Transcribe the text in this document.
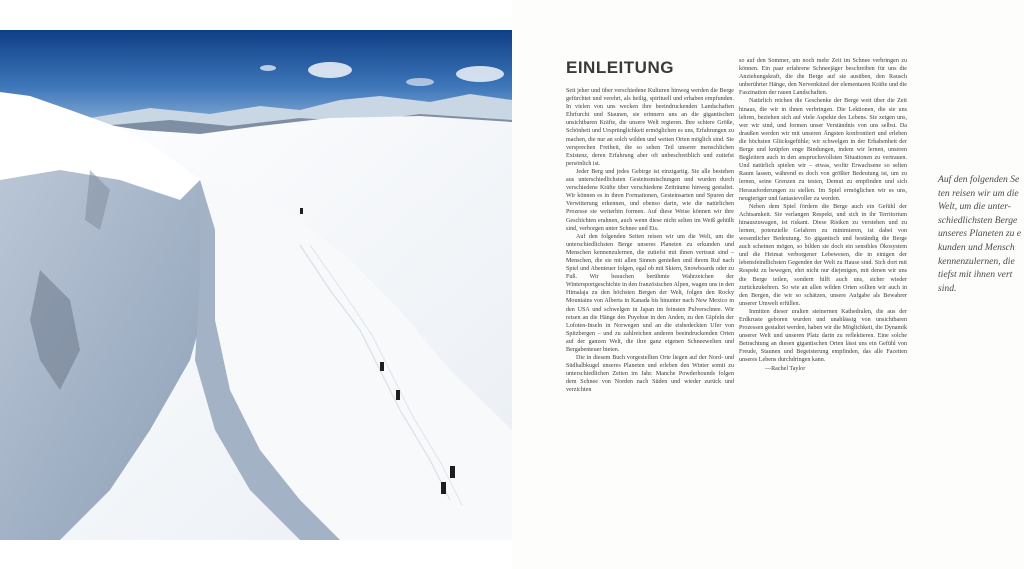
EINLEITUNG

Seit jeher und über verschiedene Kulturen hinweg werden die Berge gefürchtet und verehrt, als heilig, spirituell und erhaben empfunden. In vielen von uns wecken ihre beeindruckenden Landschaften Ehrfurcht und Staunen, sie erinnern uns an die gigantischen unsichtbaren Kräfte, die unsere Welt regieren. Ihre schiere Größe, Schönheit und Ursprünglichkeit ermöglichen es uns, Erfahrungen zu machen, die nur an solch wilden und weiten Orten möglich sind. Sie versprechen Freiheit, die so sehen Teil unserer menschlichen Existenz, deren Erfahrung aber oft unbeschreiblich und zutiefst persönlich ist.

Jeder Berg und jedes Gebirge ist einzigartig. Sie alle bestehen aus unterschiedlichsten Gesteinsmischungen und wurden durch verschiedene Kräfte über verschiedene Zeiträume hinweg gestaltet. Wir können es in ihren Formationen, Gesteinsarten und Spuren der Verwitterung erkennen, und ebenso darin, wie die natürlichen Prozesse sie weiterhin formen. Auf diese Weise können wir ihre Geschichten erahnen, auch wenn diese nicht selten im Weiß gehüllt sind, verborgen unter Schnee und Eis.

Auf den folgenden Seiten reisen wir um die Welt, um die unterschiedlichsten Berge unseres Planeten zu erkunden und Menschen kennenzulernen, die zutiefst mit ihnen vertraut sind – Menschen, die sie mit allen Sinnen genießen und ihrem Ruf nach Spiel und Abenteuer folgen, egal ob mit Skiern, Snowboards oder zu Fuß. Wir besuchen berühmte Wahrzeichen der Wintersportgeschichte in den französischen Alpen, wagen uns in den Himalaja zu den höchsten Bergen der Welt, folgen den Rocky Mountains von Alberta in Kanada bis hinunter nach New Mexico in den USA und schwelgen in Japan im feinsten Pulverschnee. Wir reisen an die Hänge des Puyehue in den Anden, zu den Gipfeln der Lofoten-Inseln in Norwegen und an die eisbedeckten Ufer von Spitzbergen – und zu zahlreichen anderen beeindruckenden Orten auf der ganzen Welt, die ihre ganz eigenen Schneewelten und Bergabenteuer bieten.

Die in diesem Buch vorgestellten Orte liegen auf der Nord- und Südhalbkugel unseres Planeten und erleben den Winter somit zu unterschiedlichen Zeiten im Jahr. Manche Powderhounds folgen dem Schnee von Norden nach Süden und wieder zurück und verzichten

so auf den Sommer, um noch mehr Zeit im Schnee verbringen zu können. Ein paar erfahrene Schneejäger beschreiben für uns die Anziehungskraft, die die Berge auf sie ausüben, den Rausch unberührter Hänge, den Nervenkitzel der elementaren Kräfte und die Faszination der rauen Landschaften.

Natürlich reichen die Geschenke der Berge weit über die Zeit hinaus, die wir in ihnen verbringen. Die Lektionen, die sie uns lehren, beziehen sich auf viele Aspekte des Lebens. Sie zeigen uns, wer wir sind, und formen unser Verständnis von uns selbst. Da draußen werden wir mit unseren Ängsten konfrontiert und erleben die höchsten Glücksgefühle; wir schwelgen in der Erhabenheit der Berge und knüpfen enge Bindungen, indem wir lernen, unseren Begleitern auch in den anspruchsvollsten Situationen zu vertrauen. Und natürlich spielen wir – etwas, wofür Erwachsene so selten Raum lassen, während es doch von größter Bedeutung ist, um zu lernen, seine Grenzen zu testen, Demut zu empfinden und sich Herausforderungen zu stellen. Im Spiel ermöglichen wir es uns, neugieriger und fantasievoller zu werden.

Neben dem Spiel fördern die Berge auch ein Gefühl der Achtsamkeit. Sie verlangen Respekt, und sich in ihr Territorium hinauszuwagen, ist riskant. Diese Risiken zu verstehen und zu lernen, potenzielle Gefahren zu minimieren, ist dabei von wesentlicher Bedeutung. So gigantisch und beständig die Berge auch scheinen mögen, so bilden sie doch ein sensibles Ökosystem und die Heimat verborgener Lebewesen, die in einigen der lebensfeindlichsten Gegenden der Welt zu Hause sind. Sich dort mit Respekt zu bewegen, ehrt nicht nur diejenigen, mit denen wir uns die Berge teilen, sondern hilft auch uns, sicher wieder zurückzukehren. So wie an allen wilden Orten sollten wir auch in den Bergen, die wir so schätzen, unsere Aufgabe als Bewahrer unserer Umwelt erfüllen.

Inmitten dieser uralten steinernen Kathedralen, die aus der Erdkruste geboren wurden und unablässig von unsichtbaren Prozessen gestaltet werden, haben wir die Möglichkeit, die Dynamik unserer Welt und unseren Platz darin zu reflektieren. Eine solche Betrachtung an diesen gigantischen Orten lässt uns ein Gefühl von Freude, Staunen und Begeisterung empfinden, das alle Facetten unseres Lebens durchdringen kann.

—Rachel Taylor
Auf den folgenden Se
ten reisen wir um die
Welt, um die unter-
schiedlichsten Berge
unseres Planeten zu e
kunden und Mensch
kennenzulernen, die
tiefst mit ihnen vert
sind.
